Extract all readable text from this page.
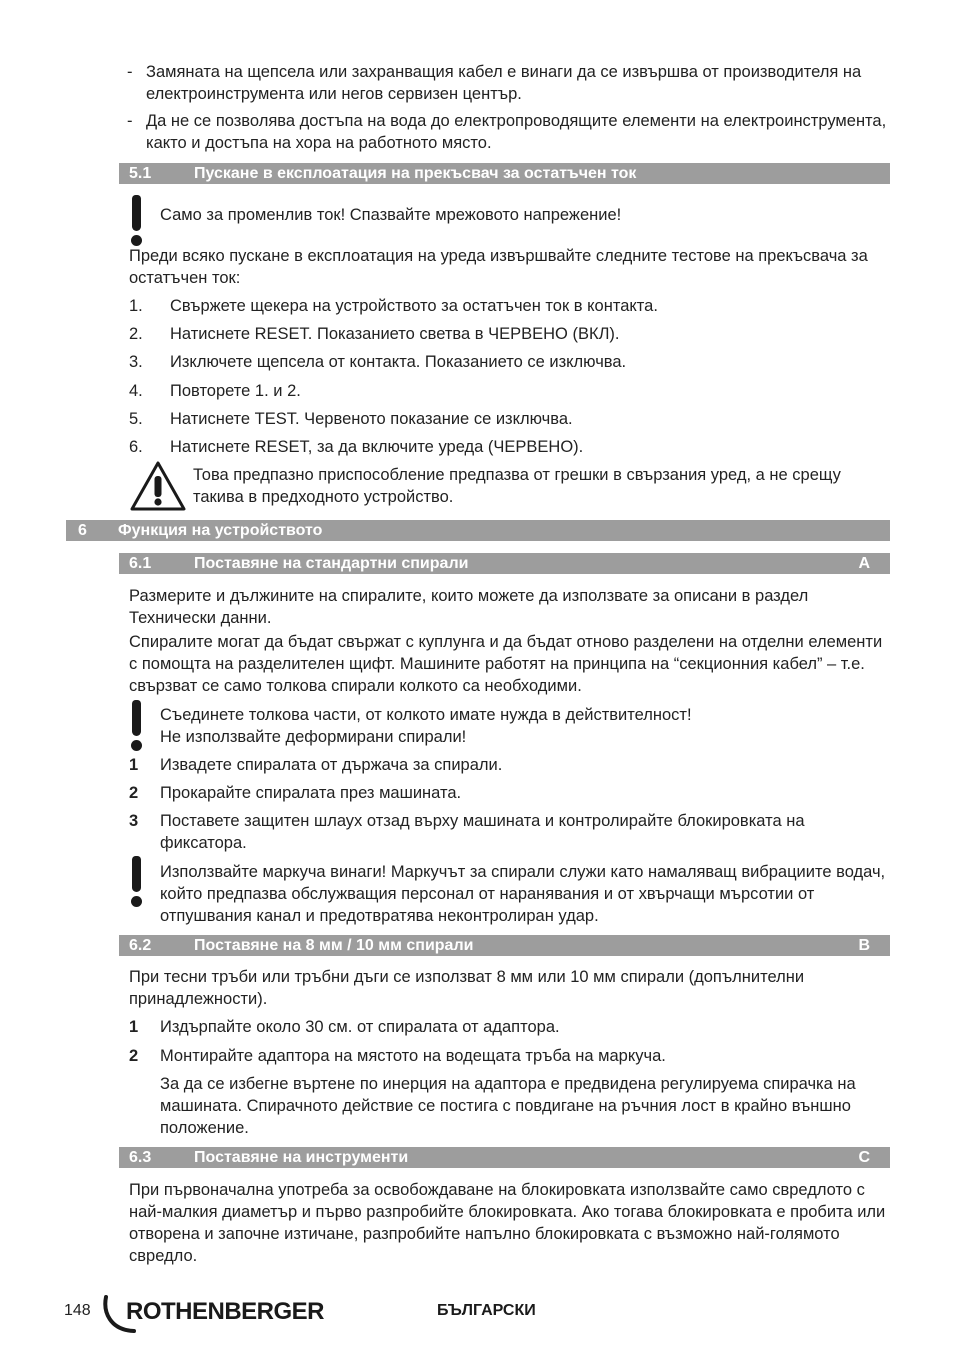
- Замяната на щепсела или захранващия кабел е винаги да се извършва от производителя на електроинструмента или негов сервизен център.

- Да не се позволява достъпа на вода до електропроводящите елементи на електроинструмента, както и достъпа на хора на работното място.

5.1	Пускане в експлоатация на прекъсвач за остатъчен ток

Само за променлив ток! Спазвайте мрежовото напрежение!

Преди всяко пускане в експлоатация на уреда извършвайте следните тестове на прекъсвача за остатъчен ток:

1.	Свържете щекера на устройството за остатъчен ток в контакта.

2.	Натиснете RESET. Показанието светва в ЧЕРВЕНО (ВКЛ).

3.	Изключете щепсела от контакта. Показанието се изключва.

4.	Повторете 1. и 2.

5.	Натиснете TEST. Червеното показание се изключва.

6.	Натиснете RESET, за да включите уреда (ЧЕРВЕНО).

Това предпазно приспособление предпазва от грешки в свързания уред, а не срещу такива в предходното устройство.

6 Функция на устройството
6.1	Поставяне на стандартни спирали	A

Размерите и дължините на спиралите, които можете да използвате за описани в раздел Технически данни.

Спиралите могат да бъдат свържат с куплунга и да бъдат отново разделени на отделни елементи с помощта на разделителен щифт. Машините работят на принципа на “секционния кабел” – т.е. свързват се само толкова спирали колкото са необходими.

Съединете толкова части, от колкото имате нужда в действителност!

Не използвайте деформирани спирали!

1	Извадете спиралата от държача за спирали.

2	Прокарайте спиралата през машината.

3	Поставете защитен шлаух отзад върху машината и контролирайте блокировката на фиксатора.

Използвайте маркуча винаги! Маркучът за спирали служи като намаляващ вибрациите водач, който предпазва обслужващия персонал от наранявания и от хвърчащи мърсотии от отпушвания канал и предотвратява неконтролиран удар.

6.2	Поставяне на 8 мм / 10 мм спирали	B

При тесни тръби или тръбни дъги се използват 8 мм или 10 мм спирали (допълнителни принадлежности).

1	Издърпайте около 30 см. от спиралата от адаптора.

2	Монтирайте адаптора на мястото на водещата тръба на маркуча.

За да се избегне въртене по инерция на адаптора е предвидена регулируема спирачка на машината. Спирачното действие се постига с повдигане на ръчния лост в крайно външно положение.

6.3	Поставяне на инструменти	C

При първоначална употреба за освобождаване на блокировката използвайте само свредлото с най-малкия диаметър и първо разпробийте блокировката. Ако тогава блокировката е пробита или отворена и започне изтичане, разпробийте напълно блокировката с възможно най-голямото свредло.

148 ROTHENBERGER	БЪЛГАРСКИ
